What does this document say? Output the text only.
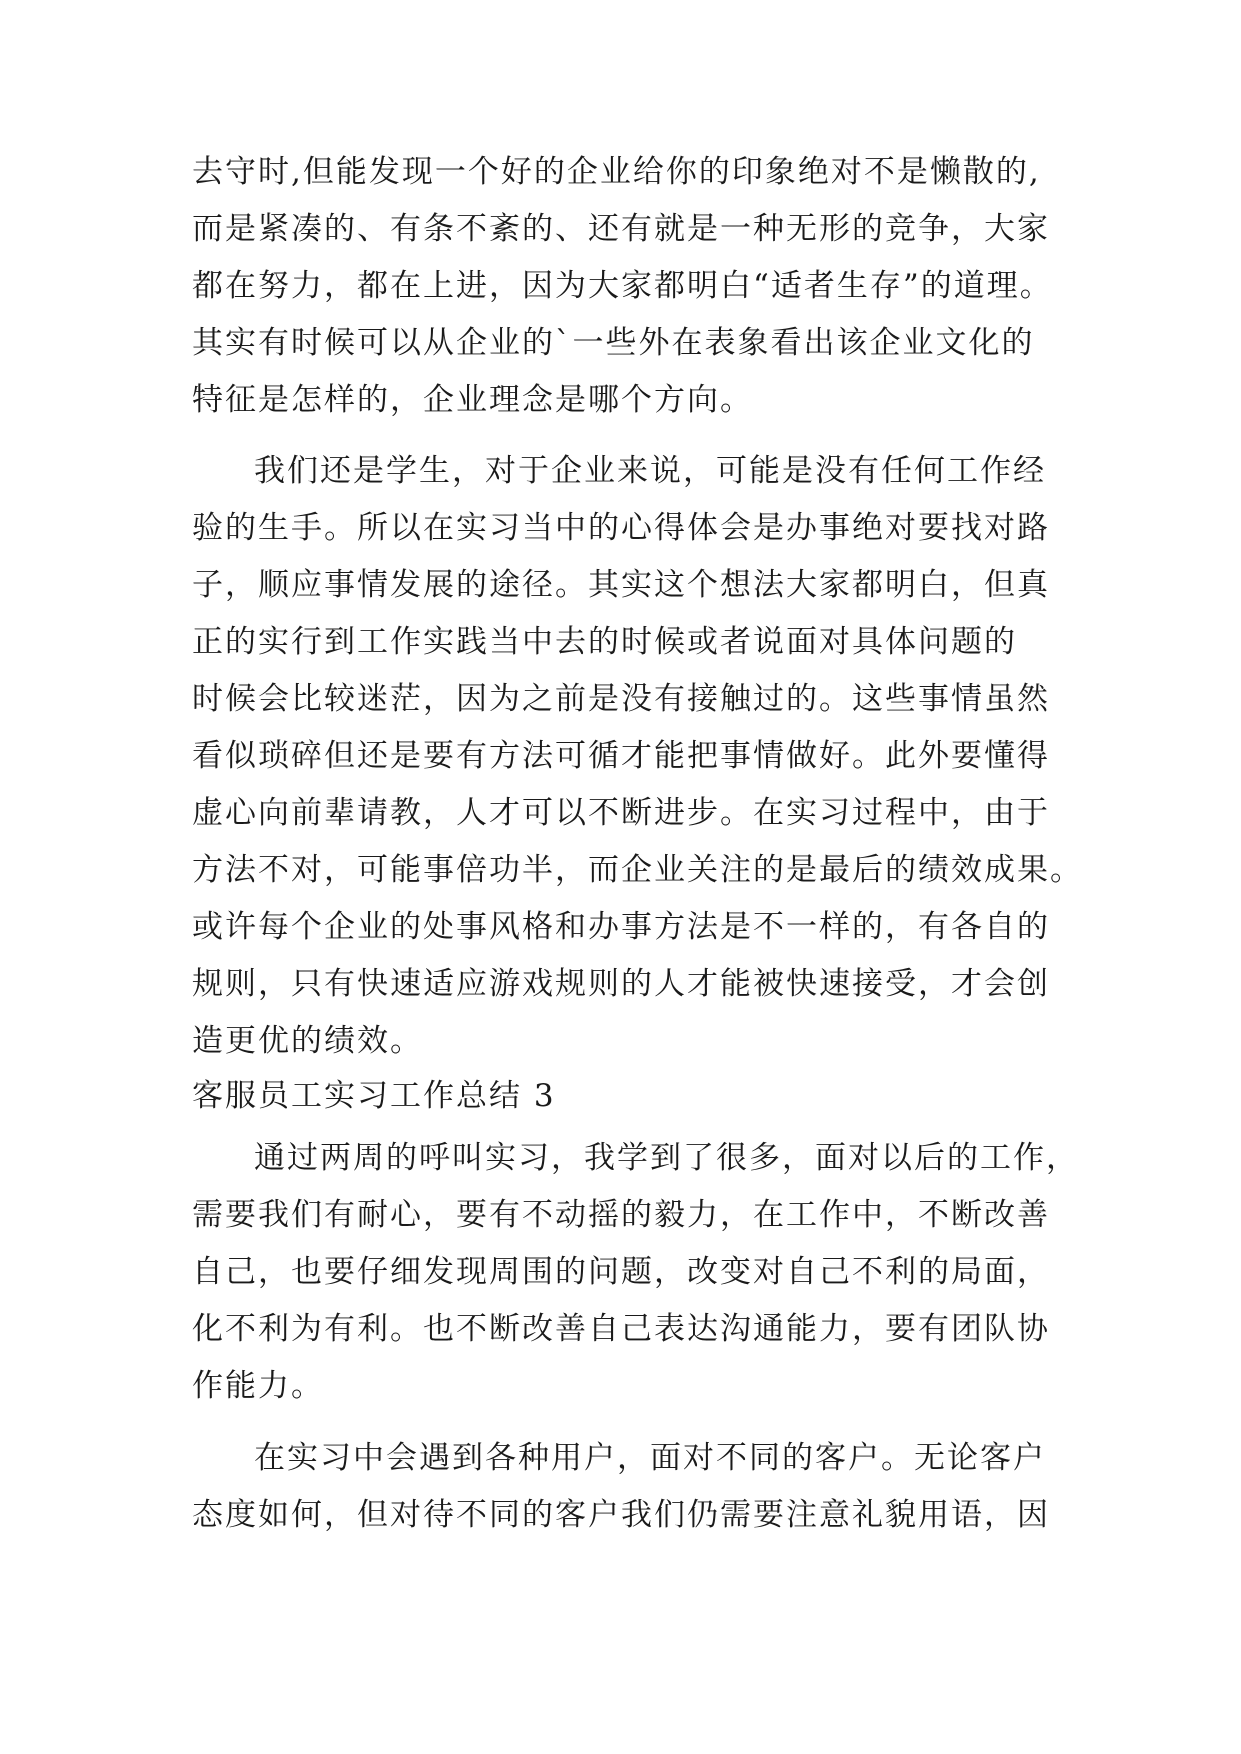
去守时,但能发现一个好的企业给你的印象绝对不是懒散的,
而是紧凑的、有条不紊的、还有就是一种无形的竞争，大家
都在努力，都在上进，因为大家都明白“适者生存”的道理。
其实有时候可以从企业的`一些外在表象看出该企业文化的
特征是怎样的，企业理念是哪个方向。
我们还是学生，对于企业来说，可能是没有任何工作经
验的生手。所以在实习当中的心得体会是办事绝对要找对路
子，顺应事情发展的途径。其实这个想法大家都明白，但真
正的实行到工作实践当中去的时候或者说面对具体问题的
时候会比较迷茫，因为之前是没有接触过的。这些事情虽然
看似琐碎但还是要有方法可循才能把事情做好。此外要懂得
虚心向前辈请教，人才可以不断进步。在实习过程中，由于
方法不对，可能事倍功半，而企业关注的是最后的绩效成果。
或许每个企业的处事风格和办事方法是不一样的，有各自的
规则，只有快速适应游戏规则的人才能被快速接受，才会创
造更优的绩效。
客服员工实习工作总结 3
通过两周的呼叫实习，我学到了很多，面对以后的工作，
需要我们有耐心，要有不动摇的毅力，在工作中，不断改善
自己，也要仔细发现周围的问题，改变对自己不利的局面，
化不利为有利。也不断改善自己表达沟通能力，要有团队协
作能力。
在实习中会遇到各种用户，面对不同的客户。无论客户
态度如何，但对待不同的客户我们仍需要注意礼貌用语，因
